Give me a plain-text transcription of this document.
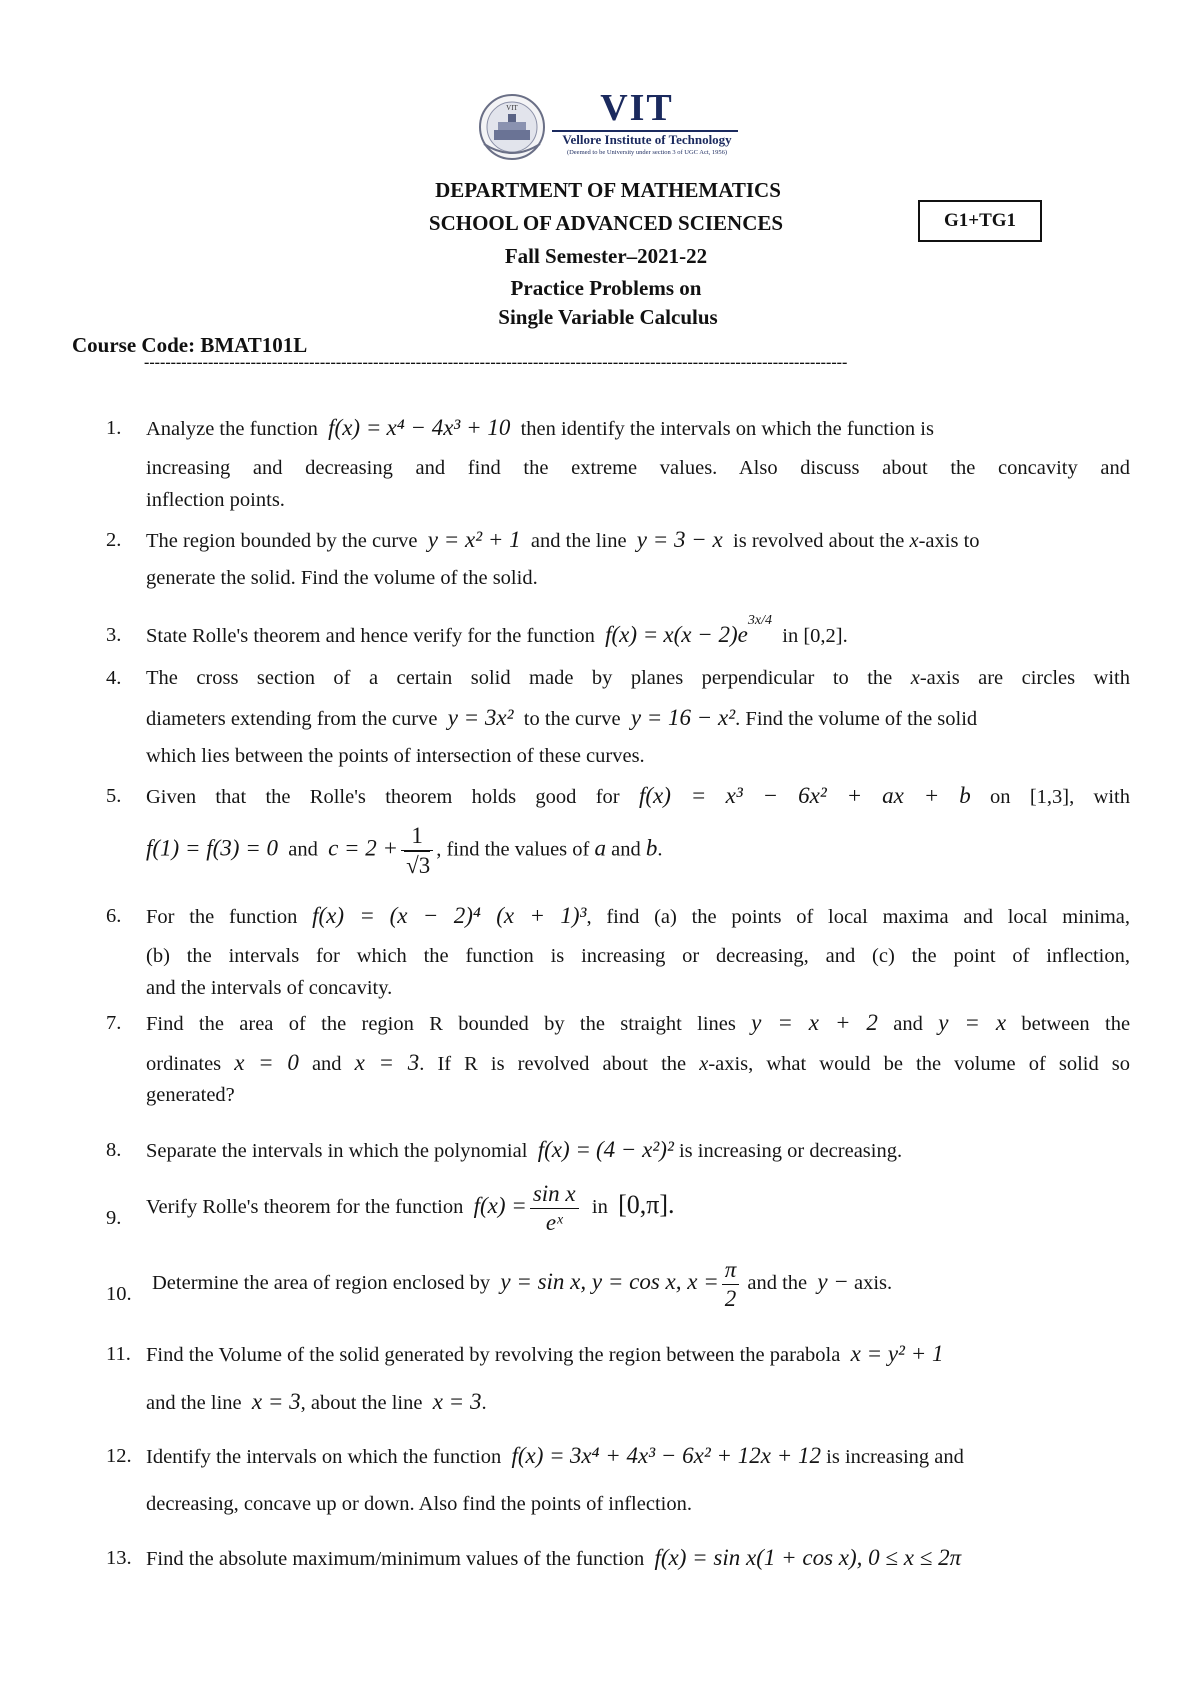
VIT	VIT
Vellore Institute of Technology
(Deemed to be University under section 3 of UGC Act, 1956)
DEPARTMENT OF MATHEMATICS
SCHOOL OF ADVANCED SCIENCES
Fall Semester–2021-22
Practice Problems on
Single Variable Calculus
G1+TG1
Course Code: BMAT101L
------------------------------------------------------------------------------------------------------------------------------------
1.	Analyze the function f(x) = x⁴ − 4x³ + 10 then identify the intervals on which the function is
increasing and decreasing and find the extreme values. Also discuss about the concavity and
inflection points.
2.	The region bounded by the curve y = x² + 1 and the line y = 3 − x is revolved about the x-axis to
generate the solid. Find the volume of the solid.
3.	State Rolle's theorem and hence verify for the function $f(x) = x(x - 2)e^{3x/4}$  in [0,2].
4.	The cross section of a certain solid made by planes perpendicular to the x-axis are circles with
diameters extending from the curve y = 3x² to the curve y = 16 − x². Find the volume of the solid
which lies between the points of intersection of these curves.
5.	Given that the Rolle's theorem holds good for f(x) = x³ − 6x² + ax + b on [1,3], with
f(1) = f(3) = 0 and $c = 2 + \frac{1}{√3}$ , find the values of a and b.
6.	For the function f(x) = (x − 2)⁴ (x + 1)³, find (a) the points of local maxima and local minima,
(b) the intervals for which the function is increasing or decreasing, and (c) the point of inflection,
and the intervals of concavity.
7.	Find the area of the region R bounded by the straight lines y = x + 2 and y = x between the
ordinates x = 0 and x = 3. If R is revolved about the x-axis, what would be the volume of solid so
generated?
8.	Separate the intervals in which the polynomial f(x) = (4 − x²)² is increasing or decreasing.
9.	Verify Rolle's theorem for the function $f(x) = \frac{\text{sin x}}{\text{eˣ}}$ in [0,π].
10. Determine the area of region enclosed by y = sin x, y = cos x, $x = \frac{\pi}{2}$ and the y − axis.
11. Find the Volume of the solid generated by revolving the region between the parabola x = y² + 1
and the line x = 3, about the line x = 3.
12. Identify the intervals on which the function f(x) = 3x⁴ + 4x³ − 6x² + 12x + 12 is increasing and
decreasing, concave up or down. Also find the points of inflection.
13. Find the absolute maximum/minimum values of the function f(x) = sin x(1 + cos x), 0 ≤ x ≤ 2π
